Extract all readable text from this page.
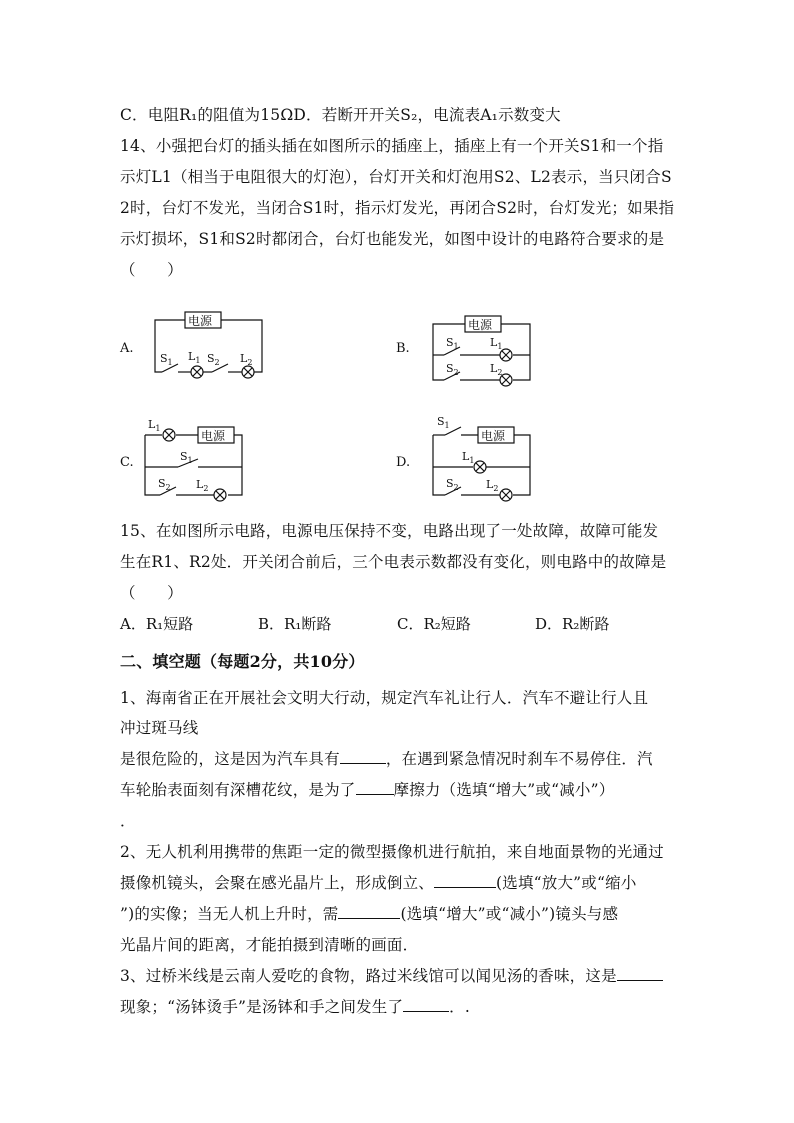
C．电阻R₁的阻值为15ΩD．若断开开关S₂，电流表A₁示数变大
14、小强把台灯的插头插在如图所示的插座上，插座上有一个开关S1和一个指
示灯L1（相当于电阻很大的灯泡），台灯开关和灯泡用S2、L2表示，当只闭合S
2时，台灯不发光，当闭合S1时，指示灯发光，再闭合S2时，台灯发光；如果指
示灯损坏，S1和S2时都闭合，台灯也能发光，如图中设计的电路符合要求的是
（　　）
A.	B.
C.	D.
电源	电源
电源	电源
$S_1$ $L_1$ $S_2$ $L_2$
$S_1$	$L_1$
$S_2$	$L_2$
$L_1$
$S_1$
$S_2$ $L_2$
$S_1$
$L_1$
$S_2$ $L_2$
15、在如图所示电路，电源电压保持不变，电路出现了一处故障，故障可能发
生在R1、R2处．开关闭合前后，三个电表示数都没有变化，则电路中的故障是
（　　）
A．R₁短路	B．R₁断路	C．R₂短路	D．R₂断路
二、填空题（每题2分，共10分）
1、海南省正在开展社会文明大行动，规定汽车礼让行人．汽车不避让行人且
冲过斑马线
是很危险的，这是因为汽车具有	，在遇到紧急情况时刹车不易停住．汽
车轮胎表面刻有深槽花纹，是为了 摩擦力（选填“增大”或“减小”）
．
2、无人机利用携带的焦距一定的微型摄像机进行航拍，来自地面景物的光通过
摄像机镜头，会聚在感光晶片上，形成倒立、	(选填“放大”或“缩小
”)的实像；当无人机上升时，需	(选填“增大”或“减小”)镜头与感
光晶片间的距离，才能拍摄到清晰的画面．
3、过桥米线是云南人爱吃的食物，路过米线馆可以闻见汤的香味，这是
现象；“汤钵烫手”是汤钵和手之间发生了	．.
